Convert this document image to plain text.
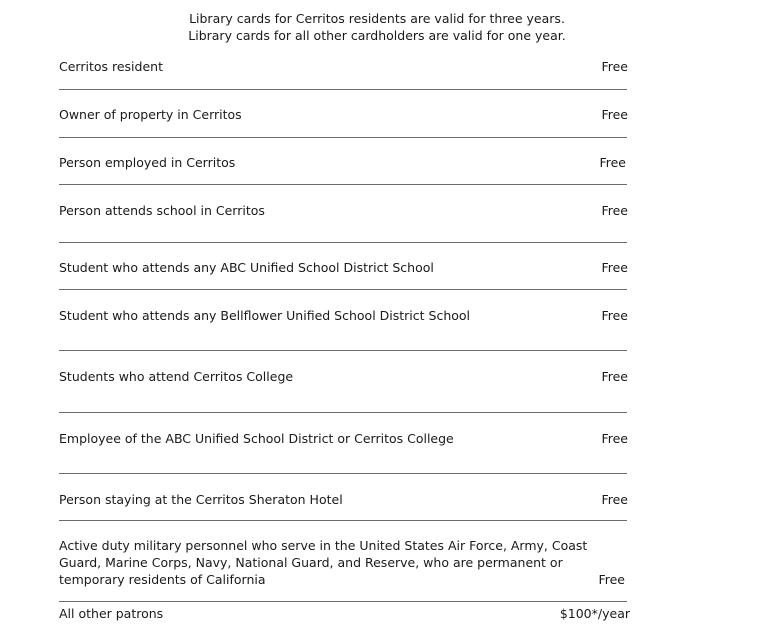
Library cards for Cerritos residents are valid for three years.
Library cards for all other cardholders are valid for one year.
Cerritos resident	Free
Owner of property in Cerritos	Free
Person employed in Cerritos	Free
Person attends school in Cerritos	Free
Student who attends any ABC Unified School District School	Free
Student who attends any Bellflower Unified School District School	Free
Students who attend Cerritos College	Free
Employee of the ABC Unified School District or Cerritos College	Free
Person staying at the Cerritos Sheraton Hotel	Free
Active duty military personnel who serve in the United States Air Force, Army, Coast Guard, Marine Corps, Navy, National Guard, and Reserve, who are permanent or temporary residents of California	Free
All other patrons	$100*/year
